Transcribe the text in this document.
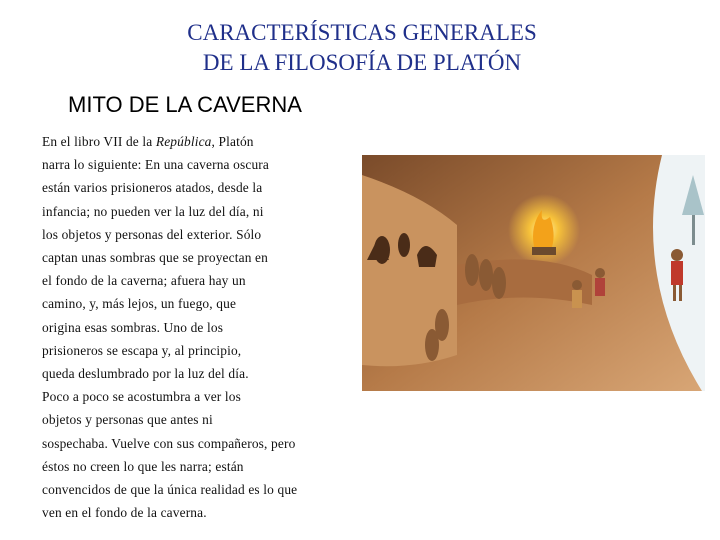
CARACTERÍSTICAS GENERALES
DE LA FILOSOFÍA DE PLATÓN
MITO DE LA CAVERNA
En el libro VII de la República, Platón
narra lo siguiente: En una caverna oscura
están varios prisioneros atados, desde la
infancia; no pueden ver la luz del día, ni
los objetos y personas del exterior. Sólo
captan unas sombras que se proyectan en
el fondo de la caverna; afuera hay un
camino, y, más lejos, un fuego, que
origina esas sombras. Uno de los
prisioneros se escapa y, al principio,
queda deslumbrado por la luz del día.
Poco a poco se acostumbra a ver los
objetos y personas que antes ni
sospechaba. Vuelve con sus compañeros, pero
éstos no creen lo que les narra; están
convencidos de que la única realidad es lo que
ven en el fondo de la caverna.
